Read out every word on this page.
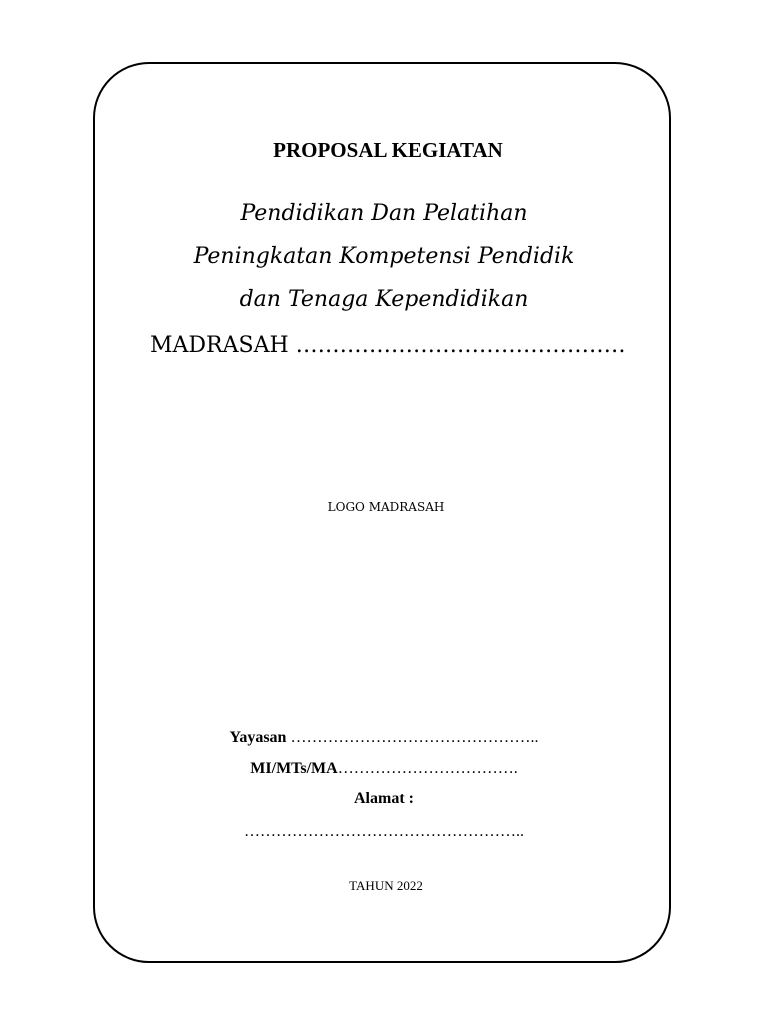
PROPOSAL KEGIATAN
Pendidikan Dan Pelatihan
Peningkatan Kompetensi Pendidik
dan Tenaga Kependidikan
MADRASAH ………………………………………
LOGO MADRASAH
Yayasan ………………………………………..
MI/MTs/MA…………………………….
Alamat :
……………………………………………..
TAHUN 2022
